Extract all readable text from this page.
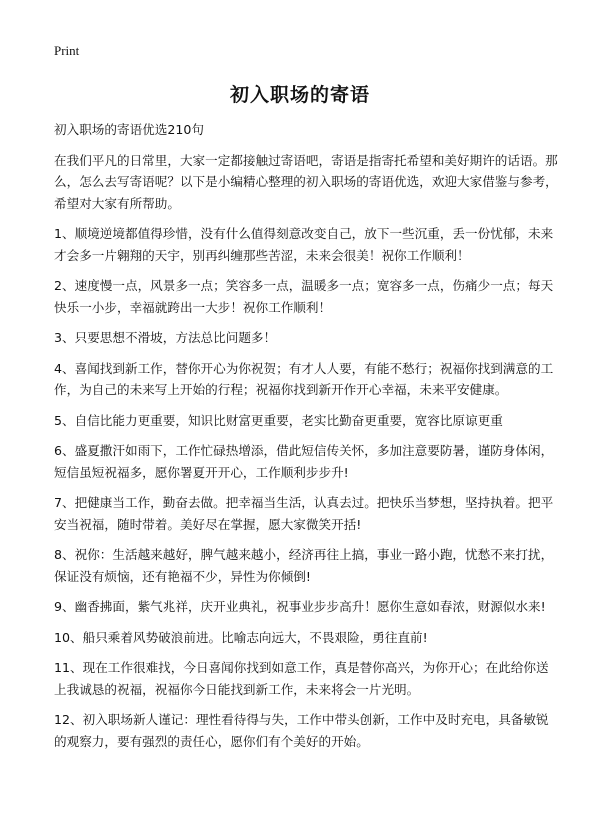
Print
初入职场的寄语

初入职场的寄语优选210句

在我们平凡的日常里，大家一定都接触过寄语吧，寄语是指寄托希望和美好期许的话语。那么，怎么去写寄语呢？以下是小编精心整理的初入职场的寄语优选，欢迎大家借鉴与参考，希望对大家有所帮助。

1、顺境逆境都值得珍惜，没有什么值得刻意改变自己，放下一些沉重，丢一份忧郁，未来才会多一片翱翔的天宇，别再纠缠那些苦涩，未来会很美！祝你工作顺利！
2、速度慢一点，风景多一点；笑容多一点，温暖多一点；宽容多一点，伤痛少一点；每天快乐一小步，幸福就跨出一大步！祝你工作顺利！
3、只要思想不滑坡，方法总比问题多！
4、喜闻找到新工作，替你开心为你祝贺；有才人人要，有能不愁行；祝福你找到满意的工作，为自己的未来写上开始的行程；祝福你找到新开作开心幸福，未来平安健康。
5、自信比能力更重要，知识比财富更重要，老实比勤奋更重要，宽容比原谅更重
6、盛夏撒汗如雨下，工作忙碌热增添，借此短信传关怀，多加注意要防暑，谨防身体闲，短信虽短祝福多，愿你署夏开开心，工作顺利步步升!
7、把健康当工作，勤奋去做。把幸福当生活，认真去过。把快乐当梦想，坚持执着。把平安当祝福，随时带着。美好尽在掌握，愿大家微笑开括!
8、祝你：生活越来越好，脾气越来越小，经济再往上搞，事业一路小跑，忧愁不来打扰，保证没有烦恼，还有艳福不少，异性为你倾倒!
9、幽香拂面，紫气兆祥，庆开业典礼，祝事业步步高升！愿你生意如春浓，财源似水来!
10、船只乘着风势破浪前进。比喻志向远大，不畏艰险，勇往直前!
11、现在工作很难找，今日喜闻你找到如意工作，真是替你高兴，为你开心；在此给你送上我诚恳的祝福，祝福你今日能找到新工作，未来将会一片光明。
12、初入职场新人谨记：理性看待得与失，工作中带头创新，工作中及时充电，具备敏锐的观察力，要有强烈的责任心，愿你们有个美好的开始。
